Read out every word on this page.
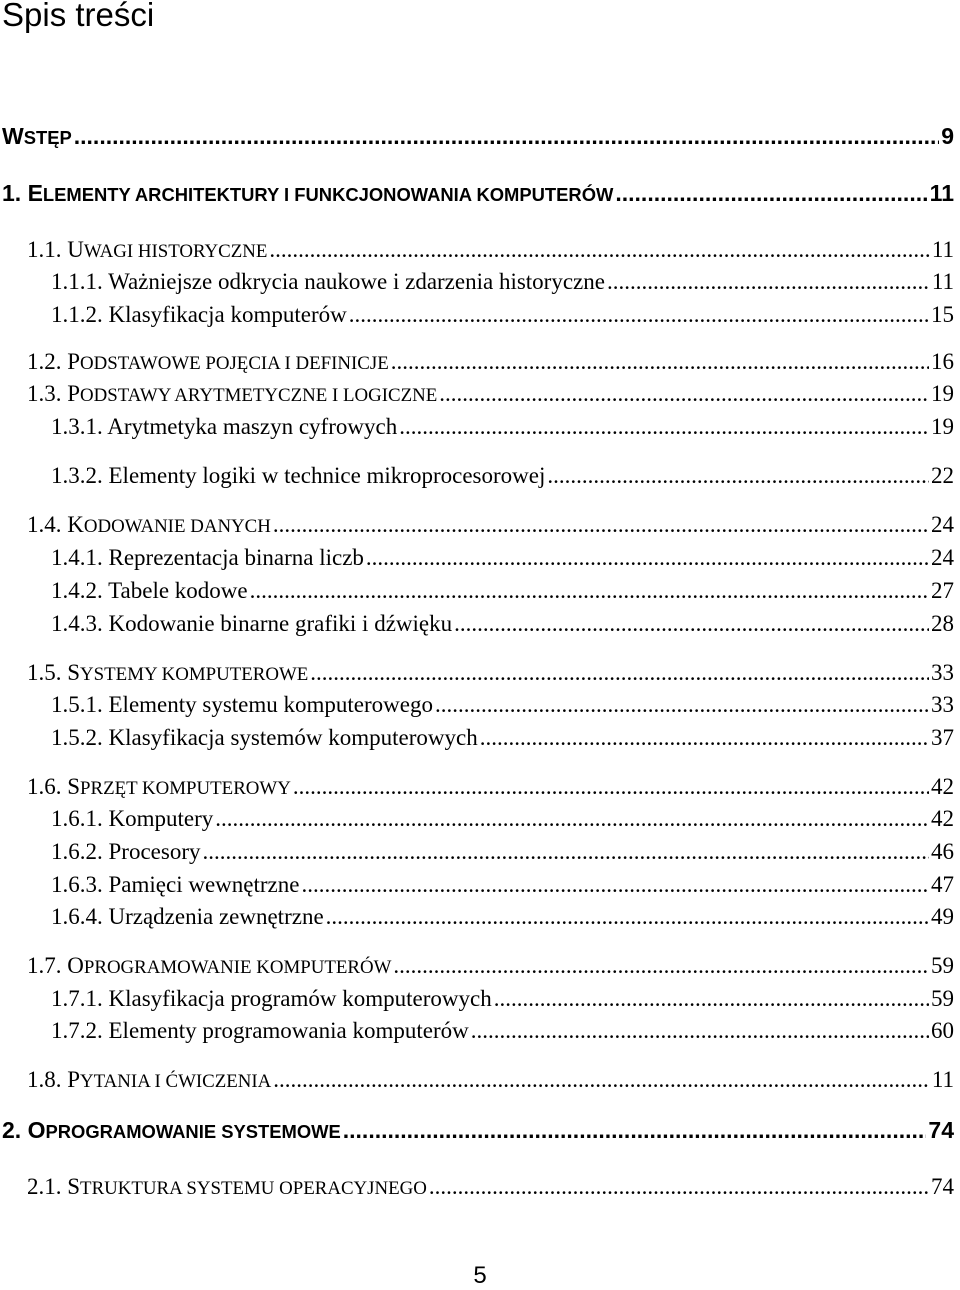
Spis treści
WSTĘP .....	9
1. ELEMENTY ARCHITEKTURY I FUNKCJONOWANIA KOMPUTERÓW .....	11
1.1. UWAGI HISTORYCZNE .....	11
1.1.1. Ważniejsze odkrycia naukowe i zdarzenia historyczne .....	11
1.1.2. Klasyfikacja komputerów .....	15
1.2. PODSTAWOWE POJĘCIA I DEFINICJE .....	16
1.3. PODSTAWY ARYTMETYCZNE I LOGICZNE .....	19
1.3.1. Arytmetyka maszyn cyfrowych .....	19
1.3.2. Elementy logiki w technice mikroprocesorowej .....	22
1.4. KODOWANIE DANYCH .....	24
1.4.1. Reprezentacja binarna liczb .....	24
1.4.2. Tabele kodowe .....	27
1.4.3. Kodowanie binarne grafiki i dźwięku .....	28
1.5. SYSTEMY KOMPUTEROWE .....	33
1.5.1. Elementy systemu komputerowego .....	33
1.5.2. Klasyfikacja systemów komputerowych .....	37
1.6. SPRZĘT KOMPUTEROWY .....	42
1.6.1. Komputery .....	42
1.6.2. Procesory .....	46
1.6.3. Pamięci wewnętrzne .....	47
1.6.4. Urządzenia zewnętrzne .....	49
1.7. OPROGRAMOWANIE KOMPUTERÓW .....	59
1.7.1. Klasyfikacja programów komputerowych .....	59
1.7.2. Elementy programowania komputerów .....	60
1.8. PYTANIA I ĆWICZENIA .....	11
2. OPROGRAMOWANIE SYSTEMOWE .....	74
2.1. STRUKTURA SYSTEMU OPERACYJNEGO .....	74
5
